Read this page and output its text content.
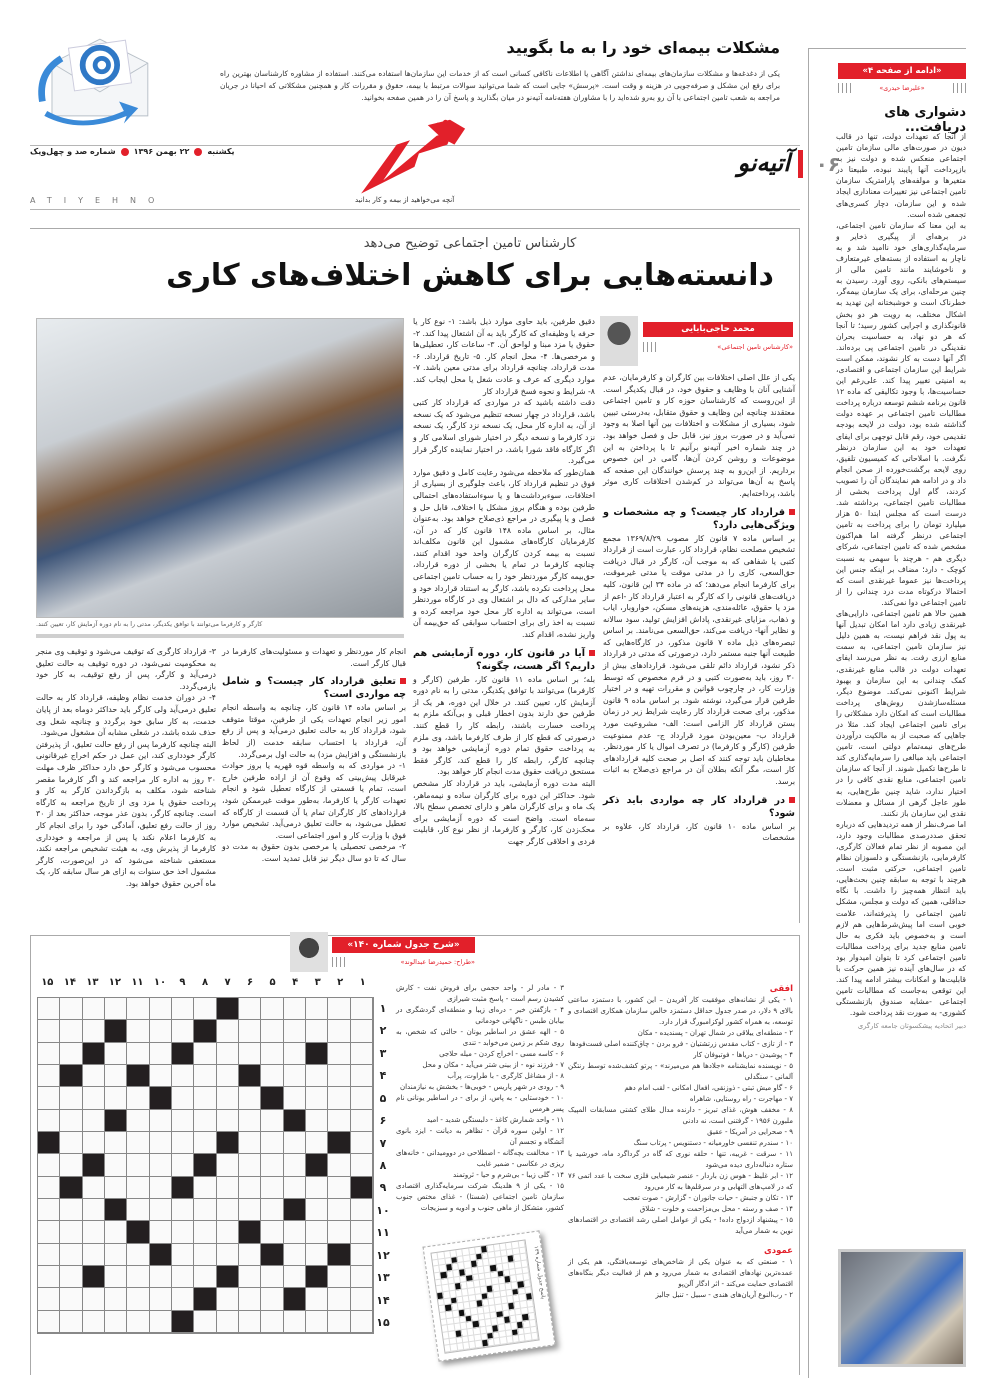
مشکلات بیمه‌ای خود را به ما بگویید
یکی از دغدغه‌ها و مشکلات سازمان‌های بیمه‌ای نداشتن آگاهی یا اطلاعات ناکافی کسانی است که از خدمات این سازمان‌ها استفاده می‌کنند. استفاده از مشاوره کارشناسان بهترین راه برای رفع این مشکل و صرفه‌جویی در هزینه و وقت است. «پرسش» جایی است که شما می‌توانید سوالات مرتبط با بیمه، حقوق و مقررات کار و همچنین مشکلاتی که احیانا در جریان مراجعه به شعب تامین اجتماعی با آن رو به‌رو شده‌اید را با مشاوران هفته‌نامه آتیه‌نو در میان بگذارید و پاسخ آن را در همین صفحه بخوانید.
۰۶
آتیه‌نو
آنچه می‌خواهید از بیمه و کار بدانید
ATIYEHNO
یکشنبه
۲۲ بهمن ۱۳۹۶
شماره صد و چهل‌ویک
«ادامه از صفحه ۴»
«علیرضا حیدری»
دشواری های دریافت...

از آنجا که تعهدات دولت، تنها در قالب دیون در صورت‌های مالی سازمان تامین اجتماعی منعکس شده و دولت نیز به بازپرداخت آنها پایبند نبوده، طبیعتا در متغیرها و مولفه‌های پارامتریک سازمان تامین اجتماعی نیز تغییرات معناداری ایجاد شده و این سازمان، دچار کسری‌های تجمعی شده است.

به این معنا که سازمان تامین اجتماعی، در برهه‌ای از پیگیری ذخایر و سرمایه‌گذاری‌های خود ناامید شد و به ناچار به استفاده از بسته‌های غیرمتعارف و ناخوشایند مانند تامین مالی از سیستم‌های بانکی، روی آورد. رسیدن به چنین مرحله‌ای، برای یک سازمان بیمه‌گر، خطرناک است و خوشبختانه این تهدید به اشکال مختلف، به رویت هر دو بخش قانونگذاری و اجرایی کشور رسید؛ تا آنجا که هر دو نهاد، به حساسیت بحران نقدینگی در تامین اجتماعی پی برده‌اند. اگر آنها دست به کار نشوند، ممکن است شرایط این سازمان اجتماعی و اقتصادی، به امنیتی تغییر پیدا کند. علی‌رغم این حساسیت‌ها، با وجود تکالیفی که ماده ۱۲ قانون برنامه ششم توسعه درباره پرداخت مطالبات تامین اجتماعی بر عهده دولت گذاشته شده بود، دولت در لایحه بودجه تقدیمی خود، رقم قابل توجهی برای ایفای تعهدات خود به این سازمان درنظر نگرفت. با اصلاحاتی که کمیسیون تلفیق، روی لایحه برگشت‌خورده از صحن انجام داد و در ادامه هم نمایندگان آن را تصویب کردند، گام اول پرداخت بخشی از مطالبات تامین اجتماعی، برداشته شد. درست است که مجلس ابتدا ۵۰ هزار میلیارد تومان را برای پرداخت به تامین اجتماعی درنظر گرفته اما هم‌اکنون مشخص شده که تامین اجتماعی، شرکای دیگری هم - هرچند با سهمی به نسبت کوچک - دارد؛ مضاف بر اینکه جنس این پرداخت‌ها نیز عموما غیرنقدی است که احتمالا درکوتاه مدت درد چندانی را از تامین اجتماعی دوا نمی‌کند.

همین حالا هم تامین اجتماعی، دارایی‌های غیرنقدی زیادی دارد اما امکان تبدیل آنها به پول نقد فراهم نیست، به همین دلیل نیز سازمان تامین اجتماعی، به سمت منابع ارزی رفت. به نظر می‌رسد ایفای تعهدات دولت در قالب منابع غیرنقدی، کمک چندانی به این سازمان و بهبود شرایط اکنونی نمی‌کند. موضوع دیگر، مسئله‌سازشدن روش‌های پرداخت مطالبات است که امکان دارد مشکلاتی را برای تامین اجتماعی ایجاد کند. مثلا در جاهایی که صحبت از به مالکیت درآوردن طرح‌های نیمه‌تمام دولتی است، تامین اجتماعی باید مبالغی را سرمایه‌گذاری کند تا طرح‌ها تکمیل شوند. از آنجا که سازمان تامین اجتماعی، منابع نقدی کافی را در اختیار ندارد، شاید چنین طرح‌هایی، به طور عاجل گرهی از مسائل و معضلات نقدی این سازمان باز نکنند.

اما صرف‌نظر از همه تردیدهایی که درباره تحقق صددرصدی مطالبات وجود دارد، این مصوبه از نظر تمام فعالان کارگری، کارفرمایی، بازنشستگی و دلسوزان نظام تامین اجتماعی، حرکتی مثبت است. هرچند با توجه به سابقه چنین بحث‌هایی، باید انتظار همه‌چیز را داشت. با نگاه حداقلی، همین که دولت و مجلس، مشکل تامین اجتماعی را پذیرفته‌اند، علامت خوبی است اما پیش‌شرط‌هایی هم لازم است و به‌خصوص باید فکری به حال تامین منابع جدید برای پرداخت مطالبات تامین اجتماعی کرد تا بتوان امیدوار بود که در سال‌های آینده نیز همین حرکت با قابلیت‌ها و امکانات بیشتر ادامه پیدا کند. این توقعی به‌جاست که مطالبات تامین اجتماعی -مشابه صندوق بازنشستگی کشوری- به صورت نقد پرداخت شود.

دبیر اتحادیه پیشکسوتان جامعه کارگری
کارشناس تامین اجتماعی توضیح می‌دهد
دانسته‌هایی برای کاهش اختلاف‌های کاری
محمد حاجی‌بابایی
«کارشناس تامین اجتماعی»

یکی از علل اصلی اختلافات بین کارگران و کارفرمایان، عدم آشنایی آنان با وظایف و حقوق خود، در قبال یکدیگر است. از این‌روست که کارشناسان حوزه کار و تامین اجتماعی معتقدند چنانچه این وظایف و حقوق متقابل، به‌درستی تبیین شود، بسیاری از مشکلات و اختلافات بین آنها اصلا به وجود نمی‌آید و در صورت بروز نیز، قابل حل و فصل خواهد بود. در چند شماره اخیر آتیه‌نو برآنیم تا با پرداختن به این موضوعات و روشن کردن آن‌ها، گامی در این خصوص برداریم. از این‌رو به چند پرسش خوانندگان این صفحه که پاسخ به آن‌ها می‌تواند در کم‌شدن اختلافات کاری موثر باشد، پرداخته‌ایم.

قرارداد کار چیست؟ و چه مشخصات و ویژگی‌هایی دارد؟

بر اساس ماده ۷ قانون کار مصوب ۱۳۶۹/۸/۲۹ مجمع تشخیص مصلحت نظام، قرارداد کار، عبارت است از قرارداد کتبی یا شفاهی که به موجب آن، کارگر در قبال دریافت حق‌السعی، کاری را در مدتی موقت یا مدتی غیرموقت، برای کارفرما انجام می‌دهد؛ که در ماده ۳۴ این قانون، کلیه دریافت‌های قانونی را که کارگر به اعتبار قرارداد کار -اعم از مزد یا حقوق، عائله‌مندی، هزینه‌های مسکن، خواروبار، ایاب و ذهاب، مزایای غیرنقدی، پاداش افزایش تولید، سود سالانه و نظایر آنها- دریافت می‌کند، حق‌السعی می‌نامند. بر اساس تبصره‌های ذیل ماده ۷ قانون مذکور، در کارگاه‌هایی که طبیعت آنها جنبه مستمر دارد، درصورتی که مدتی در قرارداد ذکر نشود، قرارداد دائم تلقی می‌شود. قراردادهای بیش از ۳۰ روز، باید به‌صورت کتبی و در فرم مخصوص که توسط وزارت کار، در چارچوب قوانین و مقررات تهیه و در اختیار طرفین قرار می‌گیرد، نوشته شود. بر اساس ماده ۹ قانون مذکور، برای صحت قرارداد کار رعایت شرایط زیر در زمان بستن قرارداد کار الزامی است: الف- مشروعیت مورد قرارداد ب- معین‌بودن مورد قرارداد ج- عدم ممنوعیت طرفین (کارگر و کارفرما) در تصرف اموال یا کار موردنظر. مخاطبان باید توجه کنند که اصل بر صحت کلیه قراردادهای کار است، مگر آنکه بطلان آن در مراجع ذی‌صلاح به اثبات برسد.

در قرارداد کار چه مواردی باید ذکر شود؟

بر اساس ماده ۱۰ قانون کار، قرارداد کار، علاوه بر مشخصات

دقیق طرفین، باید حاوی موارد ذیل باشد: ۱- نوع کار یا حرفه یا وظیفه‌ای که کارگر باید به آن اشتغال پیدا کند. ۲- حقوق یا مزد مبنا و لواحق آن. ۳- ساعات کار، تعطیلی‌ها و مرخصی‌ها. ۴- محل انجام کار. ۵- تاریخ قرارداد. ۶- مدت قرارداد، چنانچه قرارداد برای مدتی معین باشد. ۷- موارد دیگری که عرف و عادت شغل یا محل ایجاب کند. ۸- شرایط و نحوه فسخ قرارداد کار

دقت داشته باشید که در مواردی که قرارداد کار کتبی باشد، قرارداد در چهار نسخه تنظیم می‌شود که یک نسخه از آن، به اداره کار محل، یک نسخه نزد کارگر، یک نسخه نزد کارفرما و نسخه دیگر در اختیار شورای اسلامی کار و اگر کارگاه فاقد شورا باشد، در اختیار نماینده کارگر قرار می‌گیرد.

همان‌طور که ملاحظه می‌شود رعایت کامل و دقیق موارد فوق در تنظیم قرارداد کار، باعث جلوگیری از بسیاری از اختلافات، سوءبرداشت‌ها و یا سوءاستفاده‌های احتمالی طرفین بوده و هنگام بروز مشکل یا اختلاف، قابل حل و فصل و یا پیگیری در مراجع ذی‌صلاح خواهد بود. به‌عنوان مثال، بر اساس ماده ۱۴۸ قانون کار که در آن، کارفرمایان کارگاه‌های مشمول این قانون مکلف‌اند نسبت به بیمه کردن کارگران واحد خود اقدام کنند، چنانچه کارفرما در تمام یا بخشی از دوره قرارداد، حق‌بیمه کارگر موردنظر خود را به حساب تامین اجتماعی محل پرداخت نکرده باشد، کارگر به استناد قرارداد خود و سایر مدارکی که دال بر اشتغال وی در کارگاه موردنظر است، می‌تواند به اداره کار محل خود مراجعه کرده و نسبت به اخذ رای برای احتساب سوابقی که حق‌بیمه آن واریز نشده، اقدام کند.

آیا در قانون کار، دوره آزمایشی هم داریم؟ اگر هست، چگونه؟

بله؛ بر اساس ماده ۱۱ قانون کار، طرفین (کارگر و کارفرما) می‌توانند با توافق یکدیگر، مدتی را به نام دوره آزمایش کار، تعیین کنند. در خلال این دوره، هر یک از طرفین حق دارند بدون اخطار قبلی و بی‌آنکه ملزم به پرداخت خسارت باشند، رابطه کار را قطع کنند. درصورتی که قطع کار از طرف کارفرما باشد، وی ملزم به پرداخت حقوق تمام دوره آزمایشی خواهد بود و چنانچه کارگر، رابطه کار را قطع کند، کارگر فقط مستحق دریافت حقوق مدت انجام کار خواهد بود.

البته مدت دوره آزمایشی، باید در قرارداد کار مشخص شود. حداکثر این دوره برای کارگران ساده و نیمه‌ماهر، یک ماه و برای کارگران ماهر و دارای تخصص سطح بالا، سه‌ماه است. واضح است که دوره آزمایشی برای محک‌زدن کار، کارگر و کارفرما، از نظر نوع کار، قابلیت فردی و اخلاقی کارگر جهت

کارگر و کارفرما می‌توانند با توافق یکدیگر، مدتی را به نام دوره آزمایش کار، تعیین کنند.

انجام کار موردنظر و تعهدات و مسئولیت‌های کارفرما در قبال کارگر است.

تعلیق قرارداد کار چیست؟ و شامل چه مواردی است؟

بر اساس ماده ۱۴ قانون کار، چنانچه به واسطه انجام امور زیر انجام تعهدات یکی از طرفین، موقتا متوقف شود، قرارداد کار به حالت تعلیق درمی‌آید و پس از رفع آن، قرارداد با احتساب سابقه خدمت (از لحاظ بازنشستگی و افزایش مزد) به حالت اول برمی‌گردد.

۱- در مواردی که به واسطه قوه قهریه یا بروز حوادث غیرقابل پیش‌بینی که وقوع آن از اراده طرفین خارج است، تمام یا قسمتی از کارگاه تعطیل شود و انجام تعهدات کارگر یا کارفرما، به‌طور موقت غیرممکن شود، قراردادهای کار کارگران تمام یا آن قسمت از کارگاه که تعطیل می‌شود، به حالت تعلیق درمی‌آید. تشخیص موارد فوق با وزارت کار و امور اجتماعی است.

۲- مرخصی تحصیلی یا مرخصی بدون حقوق به مدت دو سال که تا دو سال دیگر نیز قابل تمدید است.

۳- قرارداد کارگری که توقیف می‌شود و توقیف وی منجر به محکومیت نمی‌شود، در دوره توقیف به حالت تعلیق درمی‌آید و کارگر، پس از رفع توقیف، به کار خود بازمی‌گردد.

۴- در دوران خدمت نظام وظیفه، قرارداد کار به حالت تعلیق درمی‌آید ولی کارگر باید حداکثر دوماه بعد از پایان خدمت، به کار سابق خود برگردد و چنانچه شغل وی حذف شده باشد، در شغلی مشابه آن مشغول می‌شود.

البته چنانچه کارفرما پس از رفع حالت تعلیق، از پذیرفتن کارگر خودداری کند، این عمل در حکم اخراج غیرقانونی محسوب می‌شود و کارگر حق دارد حداکثر ظرف مهلت ۳۰ روز به اداره کار مراجعه کند و اگر کارفرما مقصر شناخته شود، مکلف به بازگرداندن کارگر به کار و پرداخت حقوق یا مزد وی از تاریخ مراجعه به کارگاه است. چنانچه کارگر، بدون عذر موجه، حداکثر بعد از ۳۰ روز از حالت رفع تعلیق، آمادگی خود را برای انجام کار به کارفرما اعلام نکند یا پس از مراجعه و خودداری کارفرما از پذیرش وی، به هیئت تشخیص مراجعه نکند، مستعفی شناخته می‌شود که در این‌صورت، کارگر مشمول اخذ حق سنوات به ازای هر سال سابقه کار، یک ماه آخرین حقوق خواهد بود.

«شرح جدول شماره ۱۴۰»
«طراح: حمیدرضا عبدالوند»
۱
۲
۳
۴
۵
۶
۷
۸
۹
۱۰
۱۱
۱۲
۱۳
۱۴
۱۵
۱
۲
۳
۴
۵
۶
۷
۸
۹
۱۰
۱۱
۱۲
۱۳
۱۴
۱۵
افقی
۱ - یکی از نشانه‌های موفقیت کار آفریدن – این کشور، با دستمزد ساعتی بالای ۹ دلار، در صدر جدول حداقل دستمزد خالص سازمان همکاری اقتصادی و توسعه، به همراه کشور لوکزامبورگ قرار دارد.
۲ - منطقه‌ای ییلاقی در شمال تهران - پسندیده - مکان
۳ - از تازی - کتاب مقدس زرتشتیان - فرو بردن - چاق‌کننده اصلی فست‌فودها
۴ - پوشیدن - دریاها - فوتبوفان کار
۵ - نویسنده نمایشنامه «جلادها هم می‌میرند» - پرتو کشف‌شده توسط رنتگن آلمانی - سنگدلی
۶ - گاو میش تبتی - ذوزنقی، افعال امکانی - لقب امام دهم
۷ - مهاجرت - راه روستایی، شاهراه
۸ - مخفف هوش، غذای تبریز - دارنده مدال طلای کشتی مسابقات المپیک ملبورن ۱۹۵۶ - گرفتنی است، نه دادنی
۹ - صحرایی در آمریکا - عقیق
۱۰ - سندرم تنفسی خاورمیانه - دستنویس - پرتاب سنگ
۱۱ - سرقت - غریبه، تنها - حلقه نوری که گاه در گرداگرد ماه، خورشید یا ستاره دنباله‌داری دیده می‌شود
۱۲ - ابر غلیظ - هوس زن باردار - عنصر شیمیایی فلزی سخت با عدد اتمی ۷۶ که در لامپ‌های التهابی و در سرقلم‌ها به کار می‌رود
۱۳ - تکان و جنبش - حیات جانوران - گزارش - صوت تعجب
۱۴ - صف و رسته - محل بی‌مزاحمت و خلوت - شلاق
۱۵ - پیشنهاد ازدواج داده! - یکی از عوامل اصلی رشد اقتصادی در اقتصادهای نوین به شمار می‌آید
عمودی
۱ - صنعتی که به عنوان یکی از شاخص‌های توسعه‌یافتگی، هم یکی از عمده‌ترین نهادهای اقتصادی به شمار می‌رود و هم از فعالیت دیگر بنگاه‌های اقتصادی حمایت می‌کند - اثر ادگار آلن‌پو
۲ - رب‌النوع آریان‌های هندی - سبیل - تنبل جالیز
۳ - مادر لر - واحد حجمی برای فروش نفت - کارش کشیدن رسم است - پاسخ مثبت شیرازی
۴ - بازگفتن خبر - دره‌ای زیبا و منطقه‌ای گردشگری در بیابان طبس - ناگهانی خودمانی
۵ - الهه عشق در اساطیر یونان - حالتی که شخص، به روی شکم بر زمین می‌خوابد - تندی
۶ - کاسه مسی - اخراج کردن - میله حلاجی
۷ - فرزند نوه - از بینی شتر می‌آید - مکان و محل
۸ - از مشاغل کارگری - با طراوت، پرآب
۹ - رودی در شهر پاریس - خوبی‌ها - بخشش به نیازمندان
۱۰ - خودستایی - به پاس، از برای - در اساطیر یونانی نام پسر هرمس
۱۱ - واحد شمارش کاغذ - دلبستگی شدید - امید
۱۲ - اولین سوره قرآن - تظاهر به دیانت - ایزد بانوی آتشگاه و تجسم آن
۱۳ - مخالفت بچه‌گانه - اصطلاحی در دوومیدانی - خانه‌های ریزی در عکاسی - ضمیر غایب
۱۴ - گلی زیبا - بی‌شرم و حیا - ثروتمند
۱۵ - یکی از ۹ هلدینگ شرکت سرمایه‌گذاری اقتصادی سازمان تامین اجتماعی (شستا) - غذای مختص جنوب کشور، متشکل از ماهی جنوب و ادویه و سبزیجات
پاسخ جدول شماره ۱۳۹
